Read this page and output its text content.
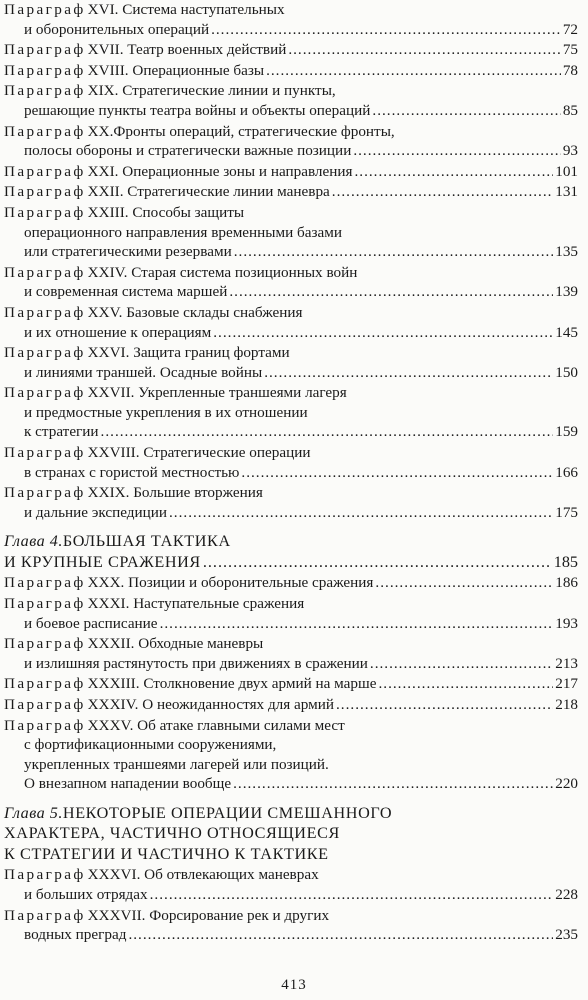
Параграф XVI. Система наступательных
и оборонительных операций .....	72
Параграф XVII. Театр военных действий .....	75
Параграф XVIII. Операционные базы .....	78
Параграф XIX. Стратегические линии и пункты,
решающие пункты театра войны и объекты операций .....	85
Параграф XX.Фронты операций, стратегические фронты,
полосы обороны и стратегически важные позиции .....	93
Параграф XXI. Операционные зоны и направления .....	101
Параграф XXII. Стратегические линии маневра .....	131
Параграф XXIII. Способы защиты
операционного направления временными базами
или стратегическими резервами .....	135
Параграф XXIV. Старая система позиционных войн
и современная система маршей .....	139
Параграф XXV. Базовые склады снабжения
и их отношение к операциям .....	145
Параграф XXVI. Защита границ фортами
и линиями траншей. Осадные войны .....	150
Параграф XXVII. Укрепленные траншеями лагеря
и предмостные укрепления в их отношении
к стратегии .....	159
Параграф XXVIII. Стратегические операции
в странах с гористой местностью .....	166
Параграф XXIX. Большие вторжения
и дальние экспедиции .....	175
Глава 4. БОЛЬШАЯ ТАКТИКА
И КРУПНЫЕ СРАЖЕНИЯ .....	185
Параграф XXX. Позиции и оборонительные сражения .....	186
Параграф XXXI. Наступательные сражения
и боевое расписание .....	193
Параграф XXXII. Обходные маневры
и излишняя растянутость при движениях в сражении .....	213
Параграф XXXIII. Столкновение двух армий на марше .....	217
Параграф XXXIV. О неожиданностях для армий .....	218
Параграф XXXV. Об атаке главными силами мест
с фортификационными сооружениями,
укрепленных траншеями лагерей или позиций.
О внезапном нападении вообще .....	220
Глава 5. НЕКОТОРЫЕ ОПЕРАЦИИ СМЕШАННОГО
ХАРАКТЕРА, ЧАСТИЧНО ОТНОСЯЩИЕСЯ
К СТРАТЕГИИ И ЧАСТИЧНО К ТАКТИКЕ
Параграф XXXVI. Об отвлекающих маневрах
и больших отрядах .....	228
Параграф XXXVII. Форсирование рек и других
водных преград .....	235
413
